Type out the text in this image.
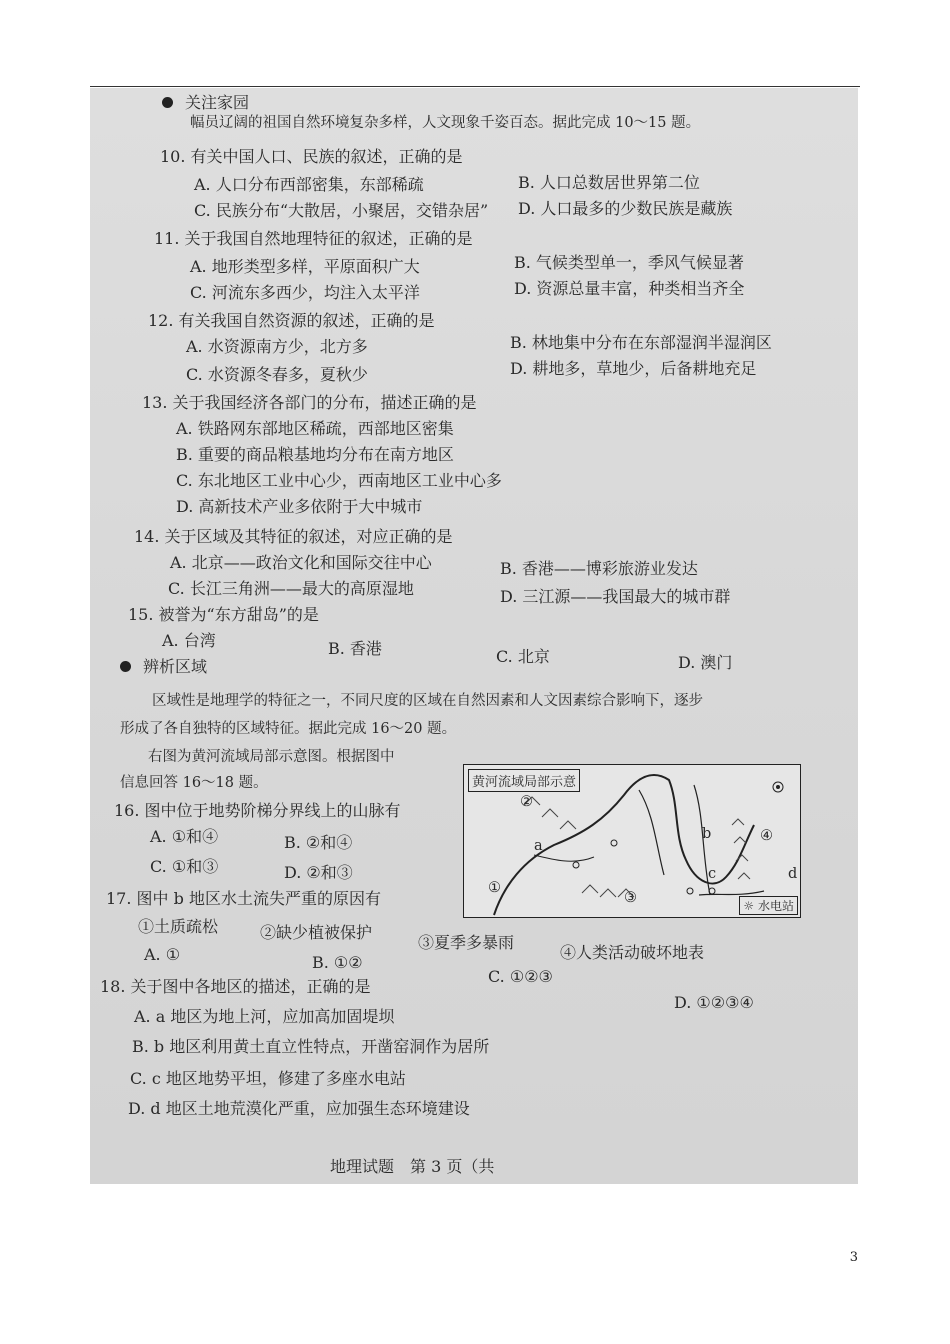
关注家园
幅员辽阔的祖国自然环境复杂多样，人文现象千姿百态。据此完成 10～15 题。
10. 有关中国人口、民族的叙述，正确的是
A. 人口分布西部密集，东部稀疏	B. 人口总数居世界第二位
C. 民族分布“大散居，小聚居，交错杂居” D. 人口最多的少数民族是藏族
11. 关于我国自然地理特征的叙述，正确的是
A. 地形类型多样，平原面积广大	B. 气候类型单一，季风气候显著
C. 河流东多西少，均注入太平洋	D. 资源总量丰富，种类相当齐全
12. 有关我国自然资源的叙述，正确的是
A. 水资源南方少，北方多	B. 林地集中分布在东部湿润半湿润区
C. 水资源冬春多，夏秋少	D. 耕地多，草地少，后备耕地充足
13. 关于我国经济各部门的分布，描述正确的是
A. 铁路网东部地区稀疏，西部地区密集
B. 重要的商品粮基地均分布在南方地区
C. 东北地区工业中心少，西南地区工业中心多
D. 高新技术产业多依附于大中城市
14. 关于区域及其特征的叙述，对应正确的是
A. 北京——政治文化和国际交往中心	B. 香港——博彩旅游业发达
C. 长江三角洲——最大的高原湿地	D. 三江源——我国最大的城市群
15. 被誉为“东方甜岛”的是
A. 台湾	B. 香港	C. 北京	D. 澳门
辨析区域
区域性是地理学的特征之一，不同尺度的区域在自然因素和人文因素综合影响下，逐步
形成了各自独特的区域特征。据此完成 16～20 题。
右图为黄河流域局部示意图。根据图中
信息回答 16～18 题。	黄河流域局部示意
②
①
③
④
a
b
c	d
☼ 水电站
16. 图中位于地势阶梯分界线上的山脉有
A. ①和④	B. ②和④
C. ①和③	D. ②和③
17. 图中 b 地区水土流失严重的原因有
①土质疏松	②缺少植被保护
③夏季多暴雨
④人类活动破坏地表
A. ①	B. ①②
C. ①②③
D. ①②③④
18. 关于图中各地区的描述，正确的是
A. a 地区为地上河，应加高加固堤坝
B. b 地区利用黄土直立性特点，开凿窑洞作为居所
C. c 地区地势平坦，修建了多座水电站
D. d 地区土地荒漠化严重，应加强生态环境建设
地理试题　第 3 页（共
3
